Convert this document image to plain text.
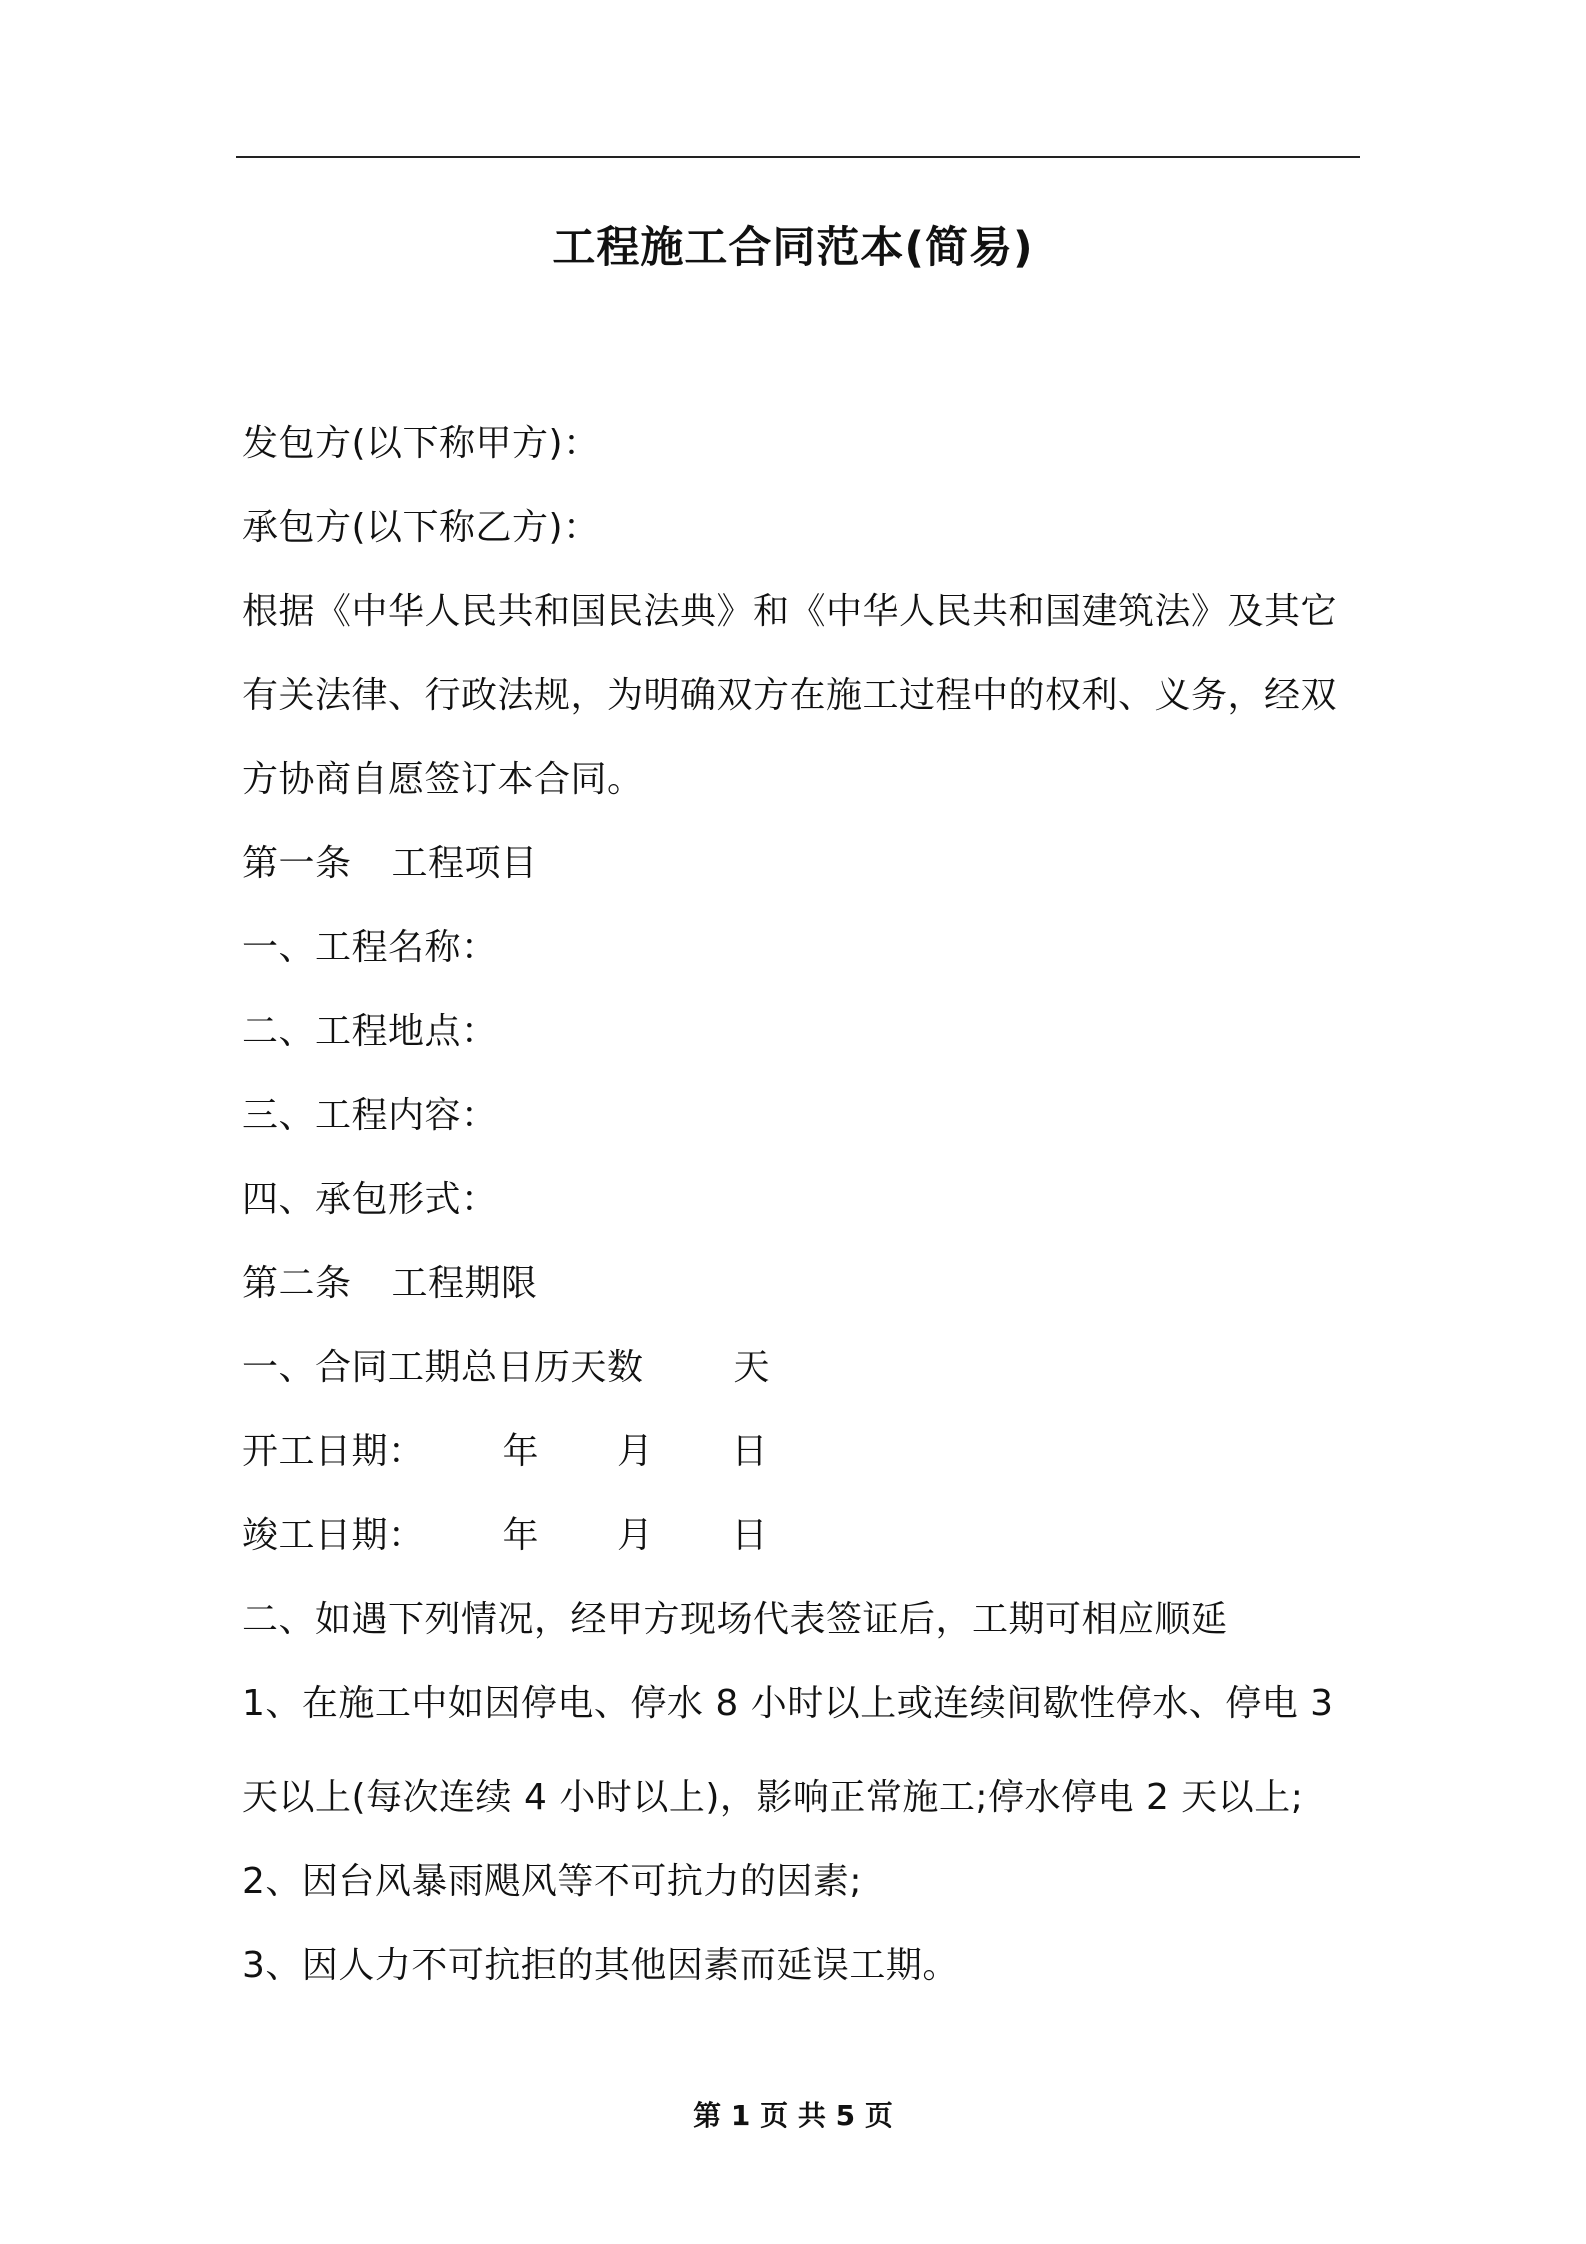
工程施工合同范本(简易)
发包方(以下称甲方)：
承包方(以下称乙方)：
根据《中华人民共和国民法典》和《中华人民共和国建筑法》及其它
有关法律、行政法规，为明确双方在施工过程中的权利、义务，经双
方协商自愿签订本合同。
第一条 工程项目
一、工程名称：
二、工程地点：
三、工程内容：
四、承包形式：
第二条 工程期限
一、合同工期总日历天数	天
开工日期： 年 月 日
竣工日期： 年 月 日
二、如遇下列情况，经甲方现场代表签证后，工期可相应顺延
1、在施工中如因停电、停水 8 小时以上或连续间歇性停水、停电 3
天以上(每次连续 4 小时以上)，影响正常施工;停水停电 2 天以上;
2、因台风暴雨飓风等不可抗力的因素;
3、因人力不可抗拒的其他因素而延误工期。
第 1 页 共 5 页
